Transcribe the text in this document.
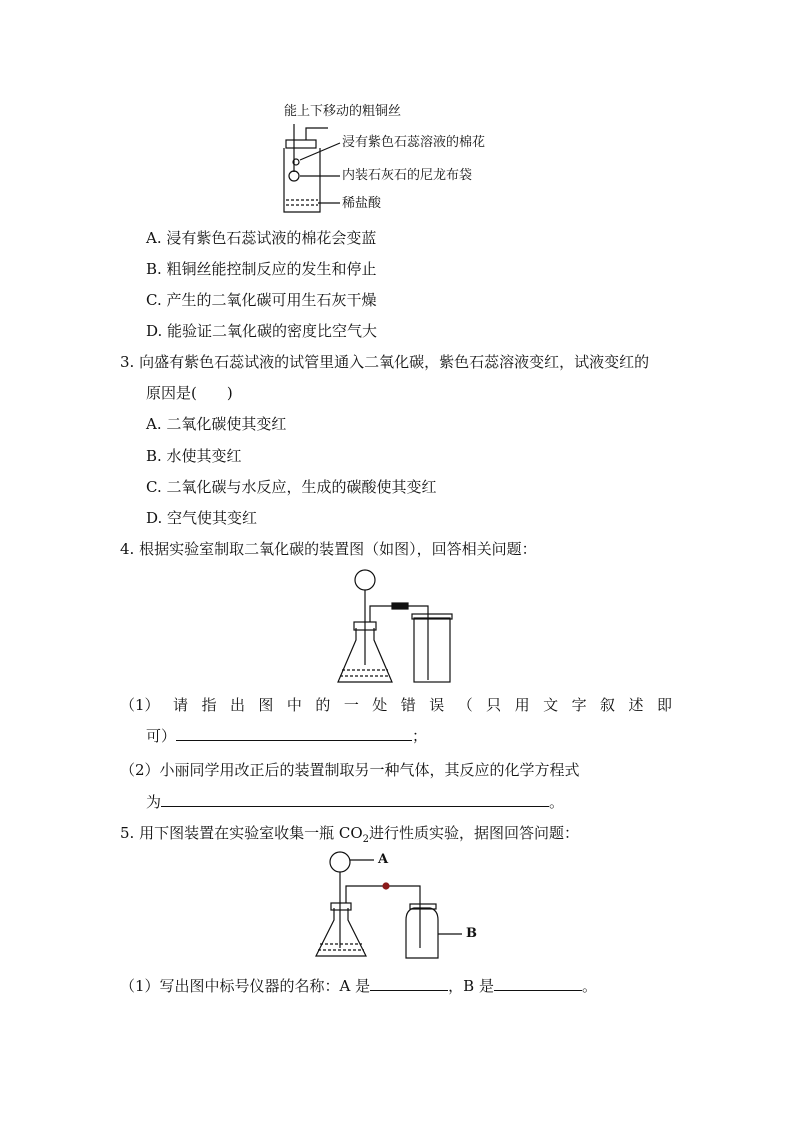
能上下移动的粗铜丝
浸有紫色石蕊溶液的棉花
内装石灰石的尼龙布袋
稀盐酸
A. 浸有紫色石蕊试液的棉花会变蓝
B. 粗铜丝能控制反应的发生和停止
C. 产生的二氧化碳可用生石灰干燥
D. 能验证二氧化碳的密度比空气大
3. 向盛有紫色石蕊试液的试管里通入二氧化碳，紫色石蕊溶液变红，试液变红的
原因是(　　)
A. 二氧化碳使其变红
B. 水使其变红
C. 二氧化碳与水反应，生成的碳酸使其变红
D. 空气使其变红
4. 根据实验室制取二氧化碳的装置图（如图），回答相关问题：
（1） 请 指 出 图 中 的 一 处 错 误 （ 只 用 文 字 叙 述 即
可）	；
（2）小丽同学用改正后的装置制取另一种气体，其反应的化学方程式
为	。
5. 用下图装置在实验室收集一瓶 $CO_2$进行性质实验，据图回答问题：
A
B
（1）写出图中标号仪器的名称：A 是	，B 是	。
